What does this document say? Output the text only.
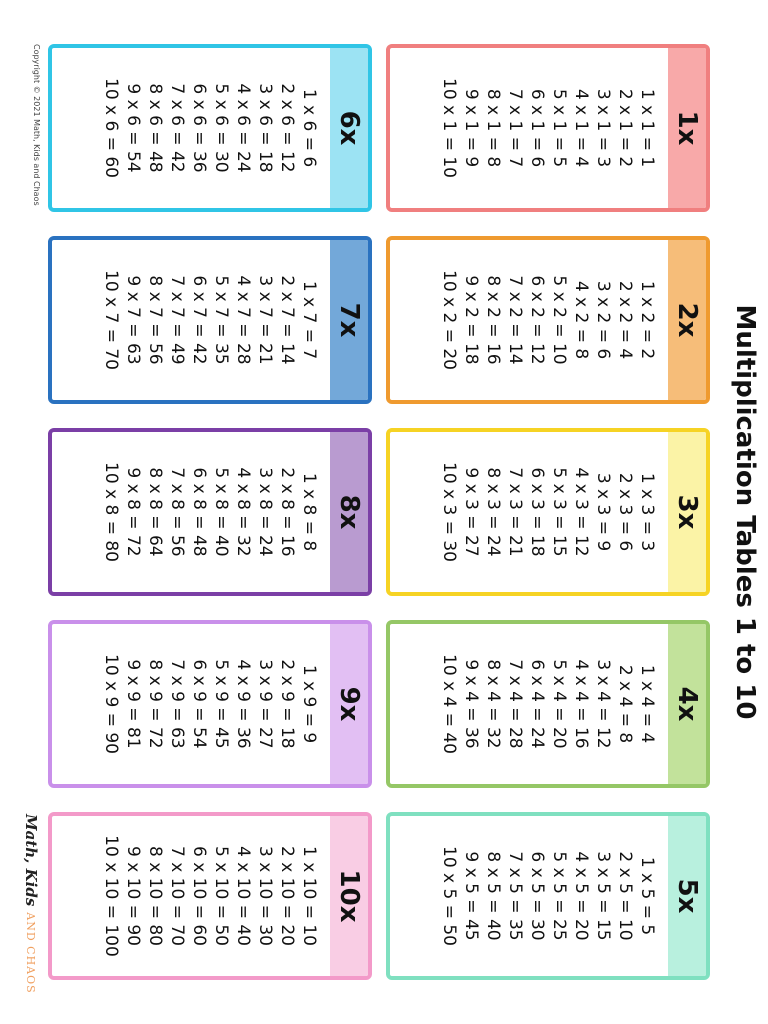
Multiplication Tables 1 to 10
1x
1 x 1 = 1
2 x 1 = 2
3 x 1 = 3
4 x 1 = 4
5 x 1 = 5
6 x 1 = 6
7 x 1 = 7
8 x 1 = 8
9 x 1 = 9
10 x 1 = 10
2x
1 x 2 = 2
2 x 2 = 4
3 x 2 = 6
4 x 2 = 8
5 x 2 = 10
6 x 2 = 12
7 x 2 = 14
8 x 2 = 16
9 x 2 = 18
10 x 2 = 20
3x
1 x 3 = 3
2 x 3 = 6
3 x 3 = 9
4 x 3 = 12
5 x 3 = 15
6 x 3 = 18
7 x 3 = 21
8 x 3 = 24
9 x 3 = 27
10 x 3 = 30
4x
1 x 4 = 4
2 x 4 = 8
3 x 4 = 12
4 x 4 = 16
5 x 4 = 20
6 x 4 = 24
7 x 4 = 28
8 x 4 = 32
9 x 4 = 36
10 x 4 = 40
5x
1 x 5 = 5
2 x 5 = 10
3 x 5 = 15
4 x 5 = 20
5 x 5 = 25
6 x 5 = 30
7 x 5 = 35
8 x 5 = 40
9 x 5 = 45
10 x 5 = 50
6x
1 x 6 = 6
2 x 6 = 12
3 x 6 = 18
4 x 6 = 24
5 x 6 = 30
6 x 6 = 36
7 x 6 = 42
8 x 6 = 48
9 x 6 = 54
10 x 6 = 60
7x
1 x 7 = 7
2 x 7 = 14
3 x 7 = 21
4 x 7 = 28
5 x 7 = 35
6 x 7 = 42
7 x 7 = 49
8 x 7 = 56
9 x 7 = 63
10 x 7 = 70
8x
1 x 8 = 8
2 x 8 = 16
3 x 8 = 24
4 x 8 = 32
5 x 8 = 40
6 x 8 = 48
7 x 8 = 56
8 x 8 = 64
9 x 8 = 72
10 x 8 = 80
9x
1 x 9 = 9
2 x 9 = 18
3 x 9 = 27
4 x 9 = 36
5 x 9 = 45
6 x 9 = 54
7 x 9 = 63
8 x 9 = 72
9 x 9 = 81
10 x 9 = 90
10x
1 x 10 = 10
2 x 10 = 20
3 x 10 = 30
4 x 10 = 40
5 x 10 = 50
6 x 10 = 60
7 x 10 = 70
8 x 10 = 80
9 x 10 = 90
10 x 10 = 100
Copyright © 2021 Math, Kids and Chaos
Math, Kids
AND CHAOS
